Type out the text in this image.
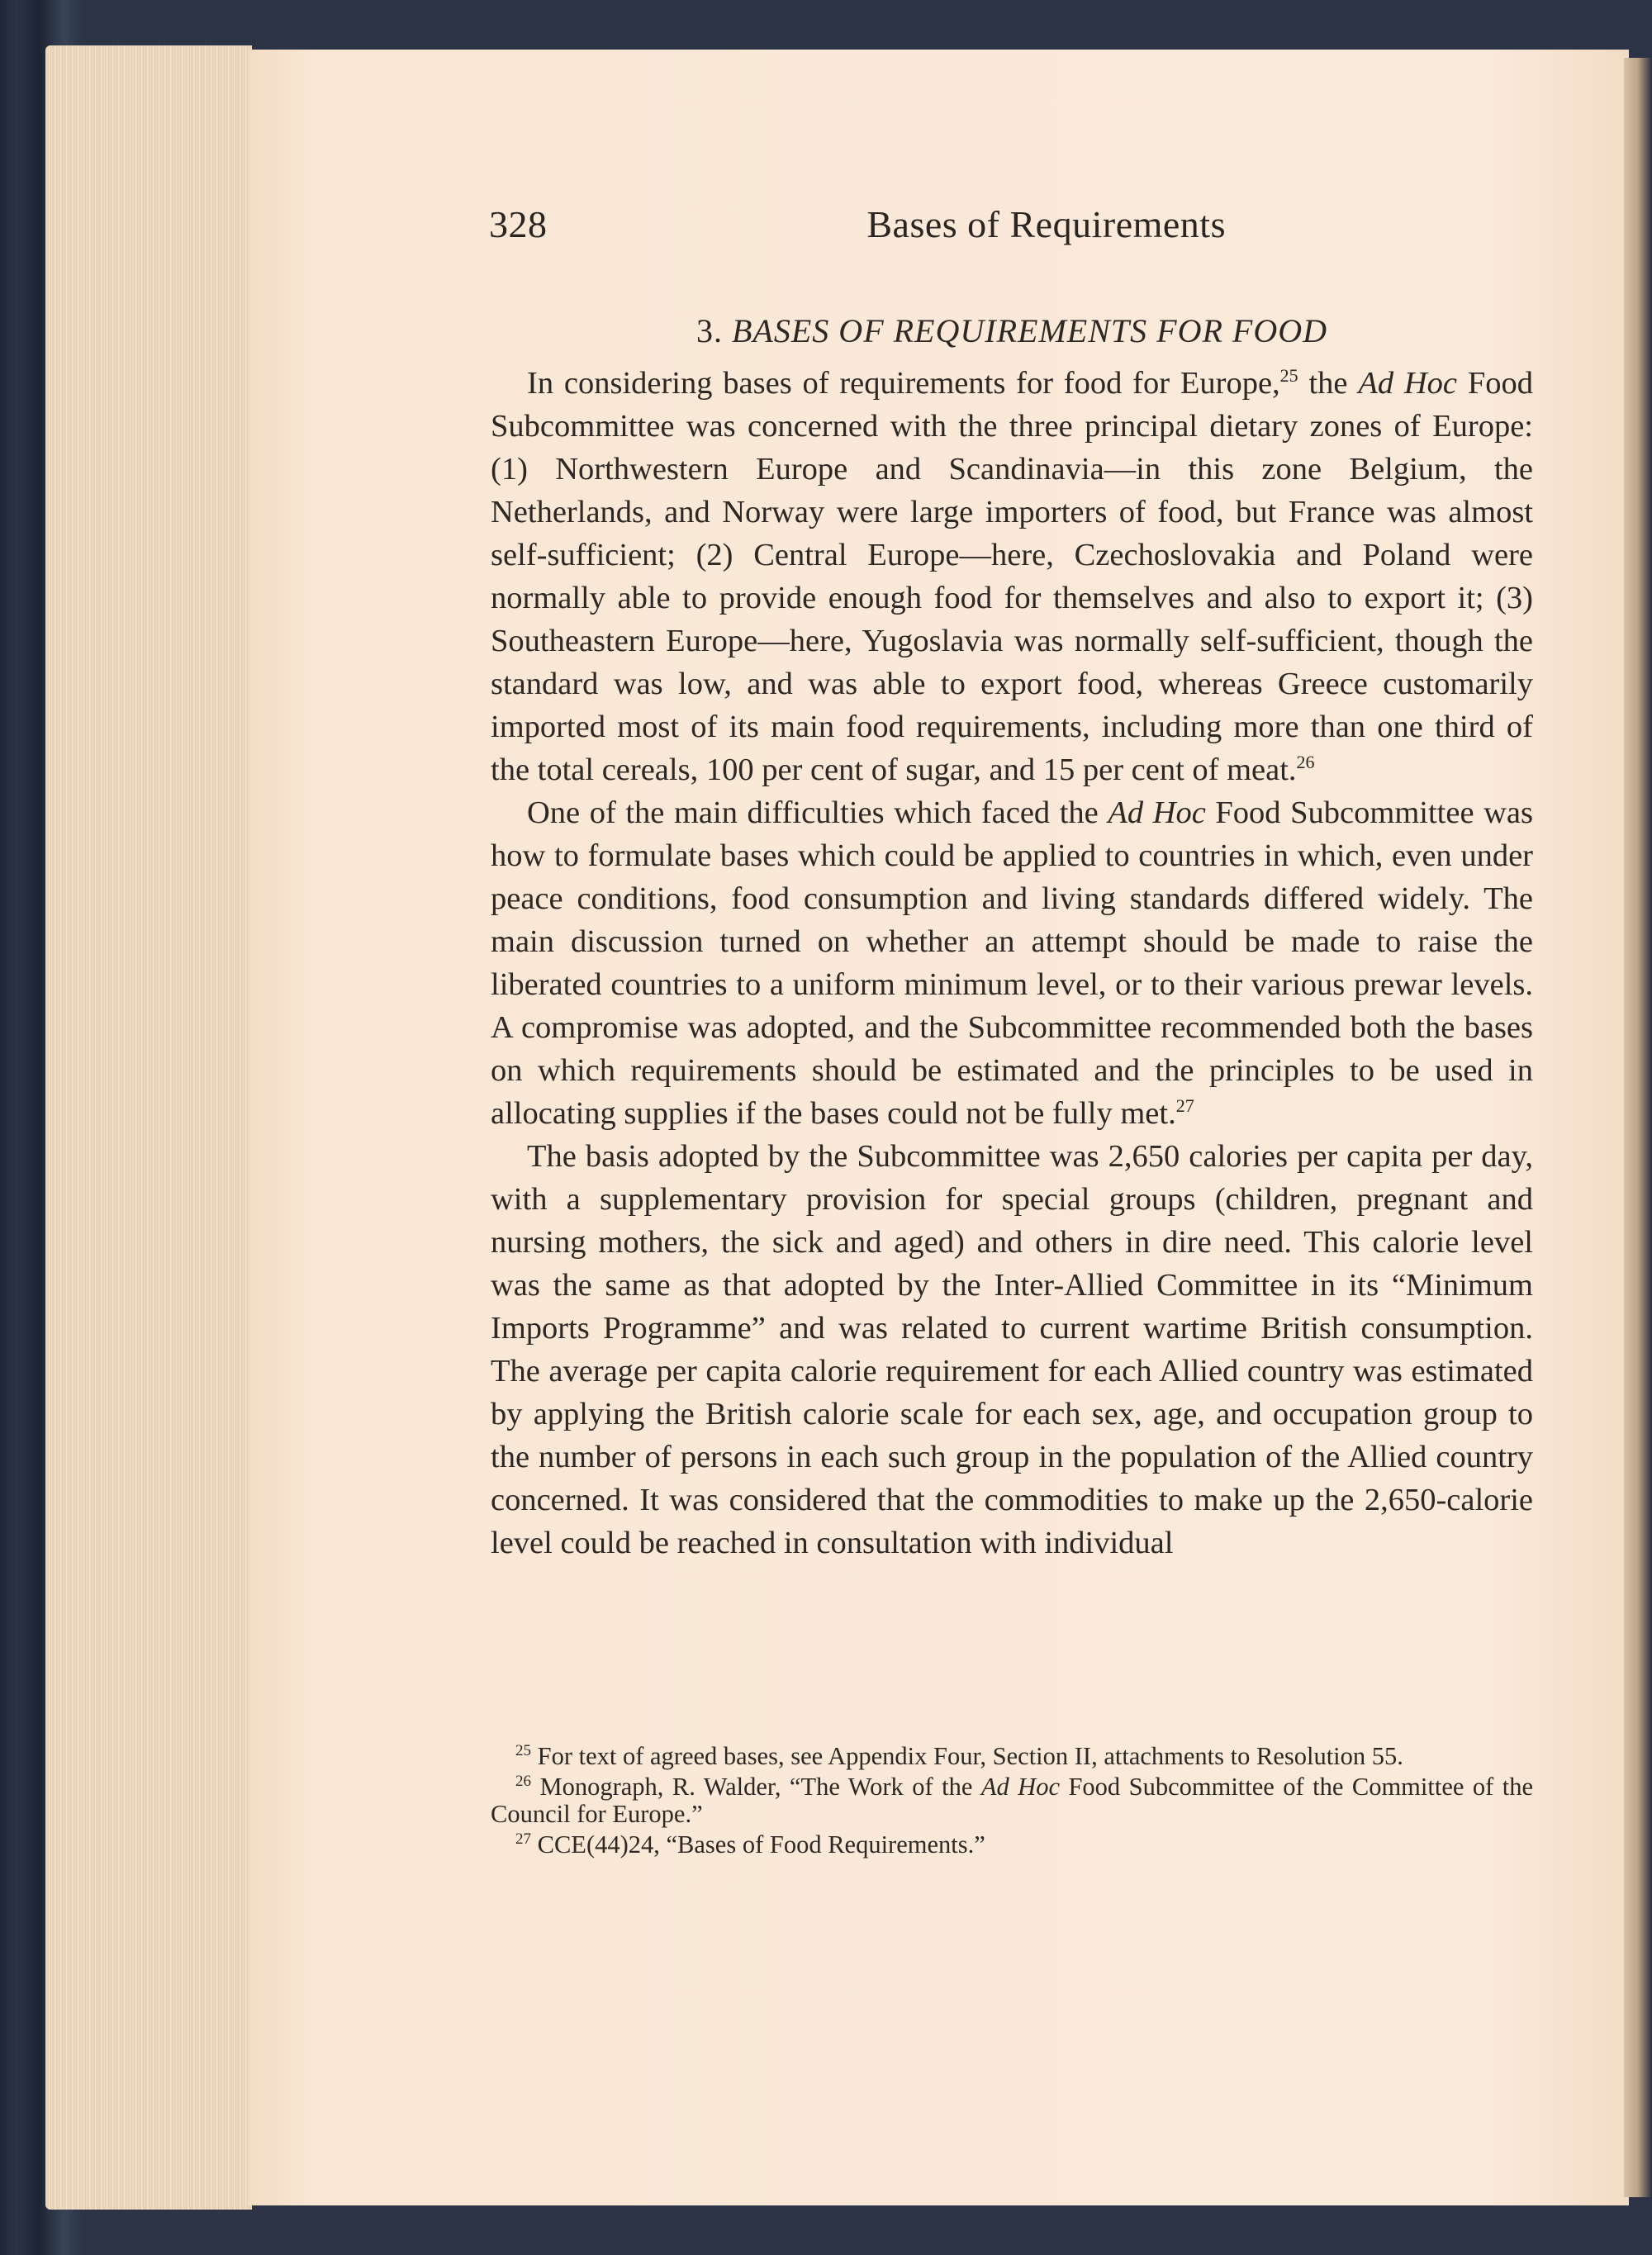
328	Bases of Requirements
3. BASES OF REQUIREMENTS FOR FOOD

In considering bases of requirements for food for Europe,$^{25}$ the Ad Hoc Food Subcommittee was concerned with the three principal dietary zones of Europe: (1) Northwestern Europe and Scandinavia—in this zone Belgium, the Netherlands, and Norway were large importers of food, but France was almost self-sufficient; (2) Central Europe—here, Czechoslovakia and Poland were normally able to provide enough food for themselves and also to export it; (3) Southeastern Europe—here, Yugoslavia was normally self-sufficient, though the standard was low, and was able to export food, whereas Greece customarily imported most of its main food requirements, including more than one third of the total cereals, 100 per cent of sugar, and 15 per cent of meat.$^{26}$

One of the main difficulties which faced the Ad Hoc Food Subcommittee was how to formulate bases which could be applied to countries in which, even under peace conditions, food consumption and living standards differed widely. The main discussion turned on whether an attempt should be made to raise the liberated countries to a uniform minimum level, or to their various prewar levels. A compromise was adopted, and the Subcommittee recommended both the bases on which requirements should be estimated and the principles to be used in allocating supplies if the bases could not be fully met.$^{27}$

The basis adopted by the Subcommittee was 2,650 calories per capita per day, with a supplementary provision for special groups (children, pregnant and nursing mothers, the sick and aged) and others in dire need. This calorie level was the same as that adopted by the Inter-Allied Committee in its “Minimum Imports Programme” and was related to current wartime British consumption. The average per capita calorie requirement for each Allied country was estimated by applying the British calorie scale for each sex, age, and occupation group to the number of persons in each such group in the population of the Allied country concerned. It was considered that the commodities to make up the 2,650-calorie level could be reached in consultation with individual

$^{25}$ For text of agreed bases, see Appendix Four, Section II, attachments to Resolution 55.

$^{26}$ Monograph, R. Walder, “The Work of the Ad Hoc Food Subcommittee of the Committee of the Council for Europe.”

$^{27}$ CCE(44)24, “Bases of Food Requirements.”
